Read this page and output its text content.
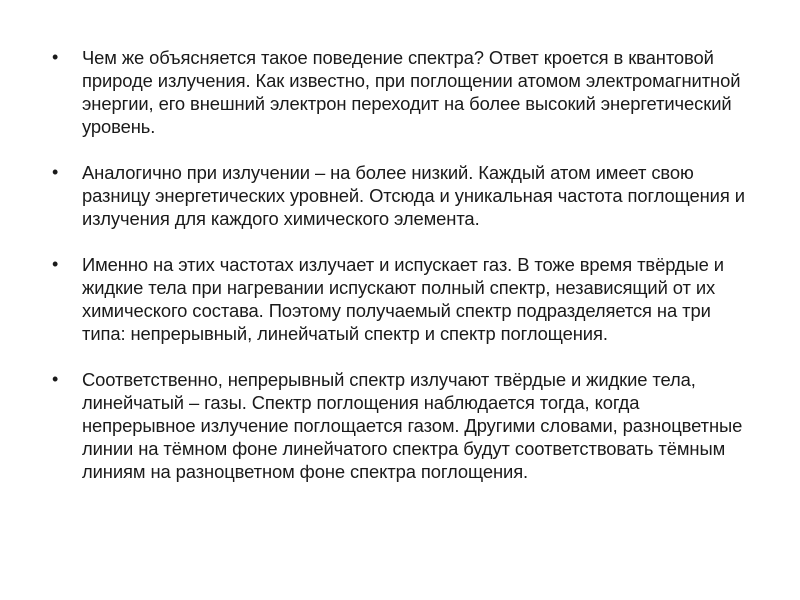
•	Чем же объясняется такое поведение спектра? Ответ кроется в квантовой природе излучения. Как известно, при поглощении атомом электромагнитной энергии, его внешний электрон переходит на более высокий энергетический уровень.
•	Аналогично при излучении – на более низкий. Каждый атом имеет свою разницу энергетических уровней. Отсюда и уникальная частота поглощения и излучения для каждого химического элемента.
•	Именно на этих частотах излучает и испускает газ. В тоже время твёрдые и жидкие тела при нагревании испускают полный спектр, независящий от их химического состава. Поэтому получаемый спектр подразделяется на три типа: непрерывный, линейчатый спектр и спектр поглощения.
•	Соответственно, непрерывный спектр излучают твёрдые и жидкие тела, линейчатый – газы. Спектр поглощения наблюдается тогда, когда непрерывное излучение поглощается газом. Другими словами, разноцветные линии на тёмном фоне линейчатого спектра будут соответствовать тёмным линиям на разноцветном фоне спектра поглощения.
